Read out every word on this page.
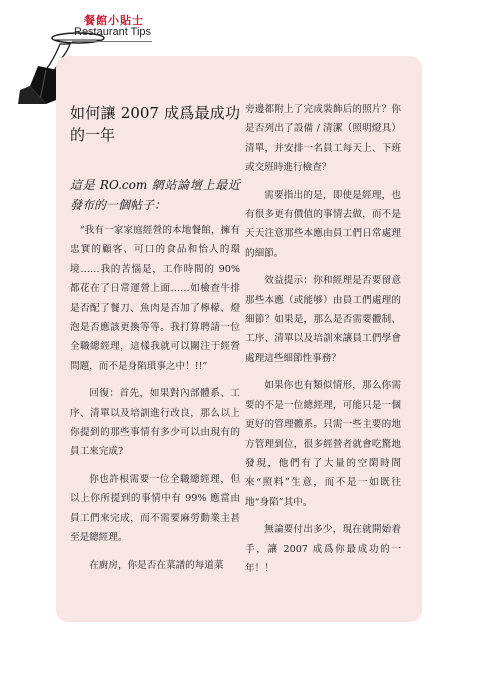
餐館小貼士
Restaurant Tips
如何讓 2007 成爲最成功的一年
這是 RO.com 網站論壇上最近發布的一個帖子：

“我有一家家庭經營的本地餐館，擁有忠實的顧客、可口的食品和怡人的環境……我的苦惱是，工作時間的 90% 都花在了日常運營上面……如檢查牛排是否配了餐刀、魚肉是否加了檸檬、燈泡是否應該更換等等。我打算聘請一位全職總經理，這樣我就可以關注于經營問題，而不是身陷瑣事之中！!!”

回復：首先，如果對內部體系、工序、清單以及培訓進行改良，那么以上你提到的那些事情有多少可以由現有的員工來完成?

你也許根需要一位全職總經理，但以上你所提到的事情中有 99% 應當由員工們來完成，而不需要麻勞動業主甚至是總經理。

在廚房，你是否在菜譜的每道菜

旁邊都附上了完成裝飾后的照片？你是否列出了設備 / 清潔（照明燈具）清單，并安排一名員工每天上、下班或交班時進行檢查？

需要指出的是，即使是經理，也有很多更有價值的事情去做，而不是天天注意那些本應由員工們日常處理的細節。

效益提示：你和經理是否要留意那些本應（或能够）由員工們處理的細節？如果是，那么是否需要體制、工序、清單以及培訓來讓員工們學會處理這些細節性事務？

如果你也有類似情形，那么你需要的不是一位總經理，可能只是一個更好的管理體系。只需一些主要的地方管理到位，很多經營者就會吃驚地發現，他們有了大量的空閑時間來“照料”生意，而不是一如既往地“身陷”其中。

無論要付出多少，現在就開始着手，讓 2007 成爲你最成功的一年！！
